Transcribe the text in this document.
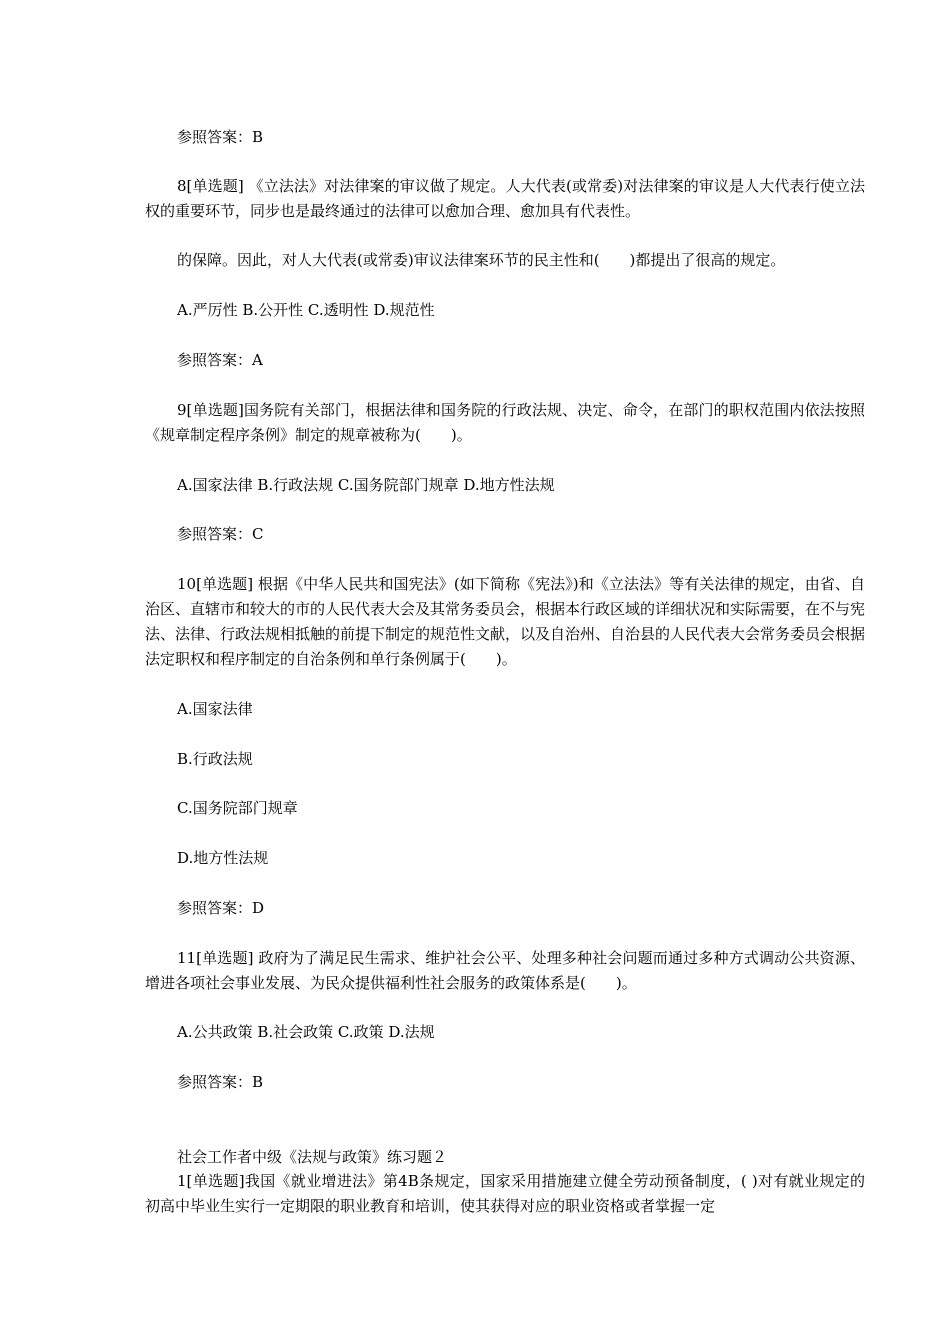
参照答案：B
8[单选题] 《立法法》对法律案的审议做了规定。人大代表(或常委)对法律案的审议是人大代表行使立法权的重要环节，同步也是最终通过的法律可以愈加合理、愈加具有代表性。
的保障。因此，对人大代表(或常委)审议法律案环节的民主性和(　　)都提出了很高的规定。
A.严厉性 B.公开性 C.透明性 D.规范性
参照答案：A
9[单选题]国务院有关部门，根据法律和国务院的行政法规、决定、命令，在部门的职权范围内依法按照《规章制定程序条例》制定的规章被称为(　　)。
A.国家法律 B.行政法规 C.国务院部门规章 D.地方性法规
参照答案：C
10[单选题] 根据《中华人民共和国宪法》(如下简称《宪法》)和《立法法》等有关法律的规定，由省、自治区、直辖市和较大的市的人民代表大会及其常务委员会，根据本行政区域的详细状况和实际需要，在不与宪法、法律、行政法规相抵触的前提下制定的规范性文献，以及自治州、自治县的人民代表大会常务委员会根据法定职权和程序制定的自治条例和单行条例属于(　　)。
A.国家法律
B.行政法规
C.国务院部门规章
D.地方性法规
参照答案：D
11[单选题] 政府为了满足民生需求、维护社会公平、处理多种社会问题而通过多种方式调动公共资源、增进各项社会事业发展、为民众提供福利性社会服务的政策体系是(　　)。
A.公共政策 B.社会政策 C.政策 D.法规
参照答案：B
社会工作者中级《法规与政策》练习题２
1[单选题]我国《就业增进法》第4B条规定，国家采用措施建立健全劳动预备制度，( )对有就业规定的初高中毕业生实行一定期限的职业教育和培训，使其获得对应的职业资格或者掌握一定
